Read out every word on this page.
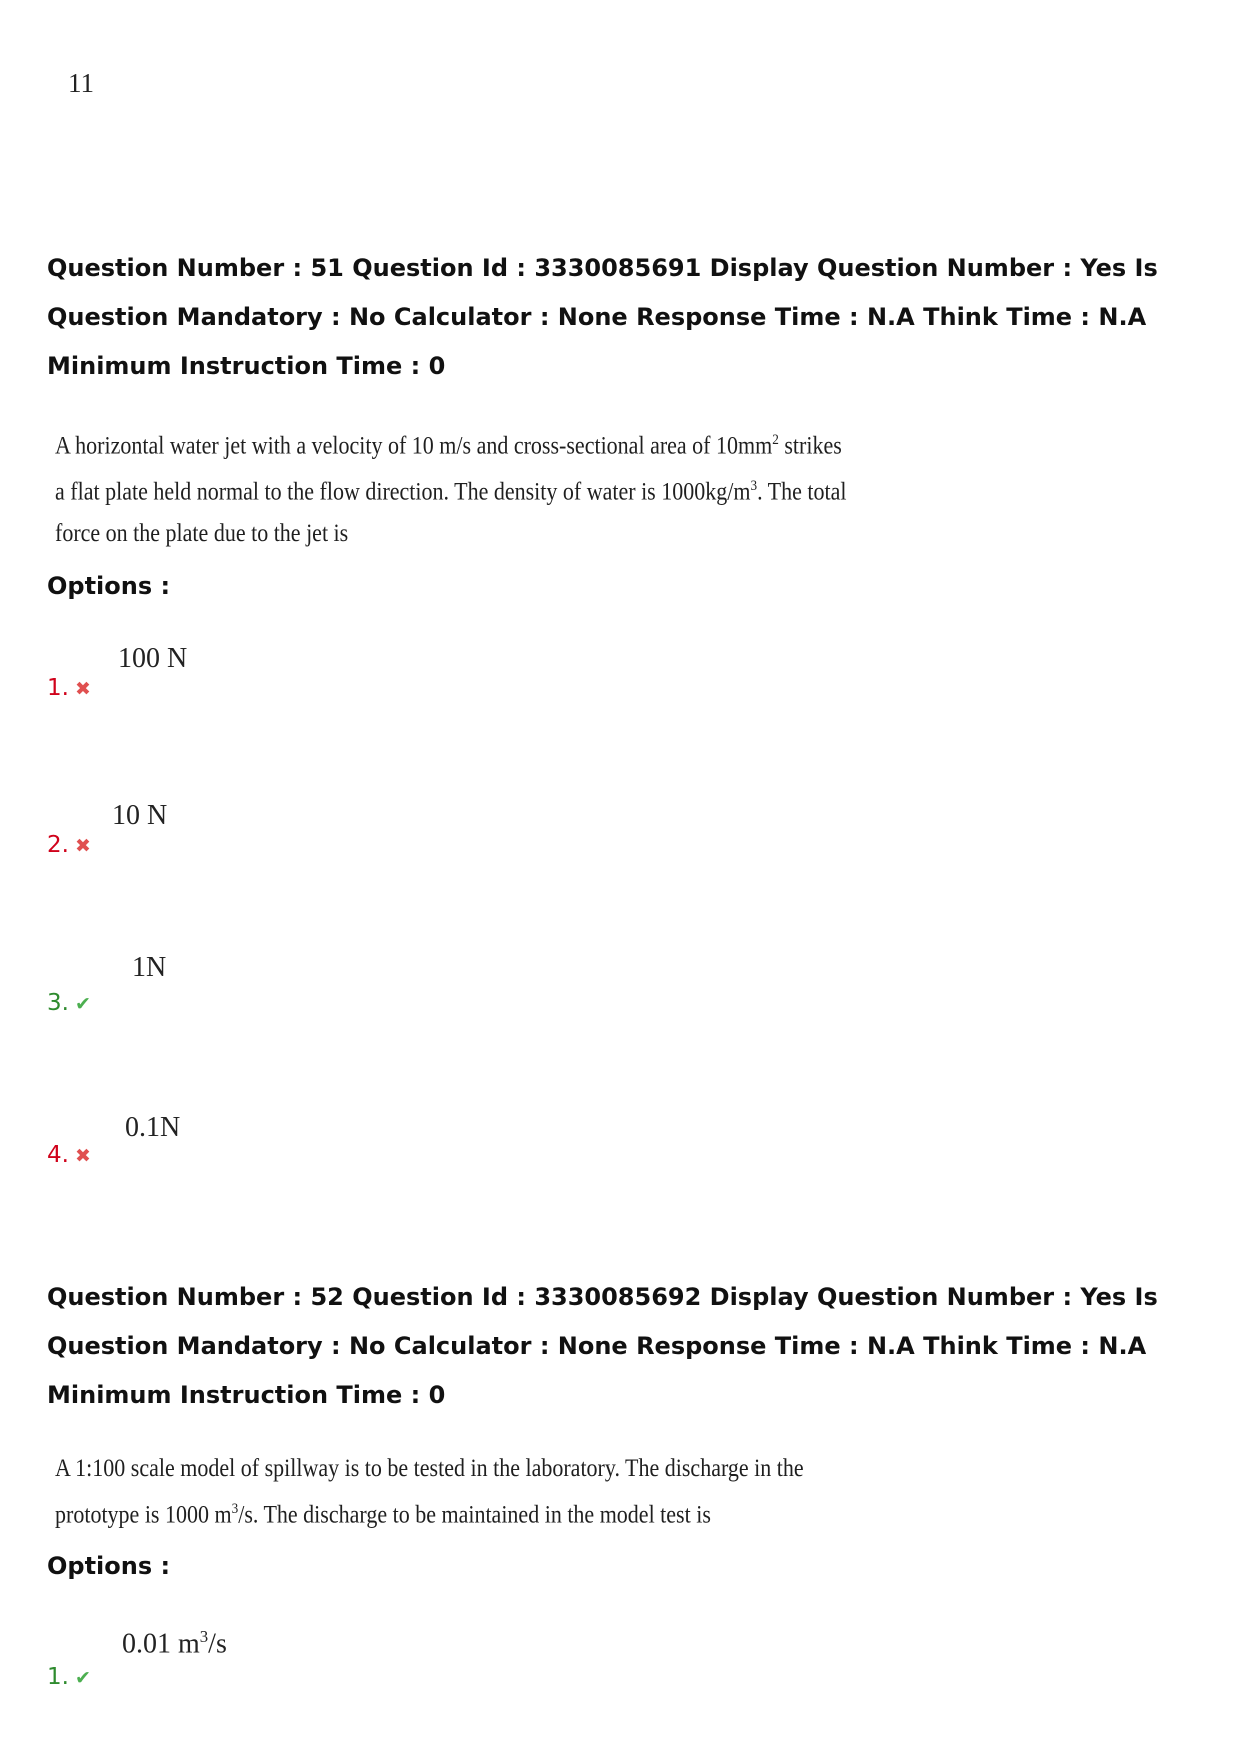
11
Question Number : 51 Question Id : 3330085691 Display Question Number : Yes Is Question Mandatory : No Calculator : None Response Time : N.A Think Time : N.A Minimum Instruction Time : 0
A horizontal water jet with a velocity of 10 m/s and cross-sectional area of $10mm^2$ strikes a flat plate held normal to the flow direction. The density of water is $1000kg/m^3$. The total force on the plate due to the jet is
Options :
100 N
1. ✖
10 N
2. ✖
1N
3. ✔
0.1N
4. ✖
Question Number : 52 Question Id : 3330085692 Display Question Number : Yes Is Question Mandatory : No Calculator : None Response Time : N.A Think Time : N.A Minimum Instruction Time : 0
A 1:100 scale model of spillway is to be tested in the laboratory. The discharge in the prototype is 1000 $m^3/s$. The discharge to be maintained in the model test is
Options :
0.01 $m^3/s$
1. ✔
